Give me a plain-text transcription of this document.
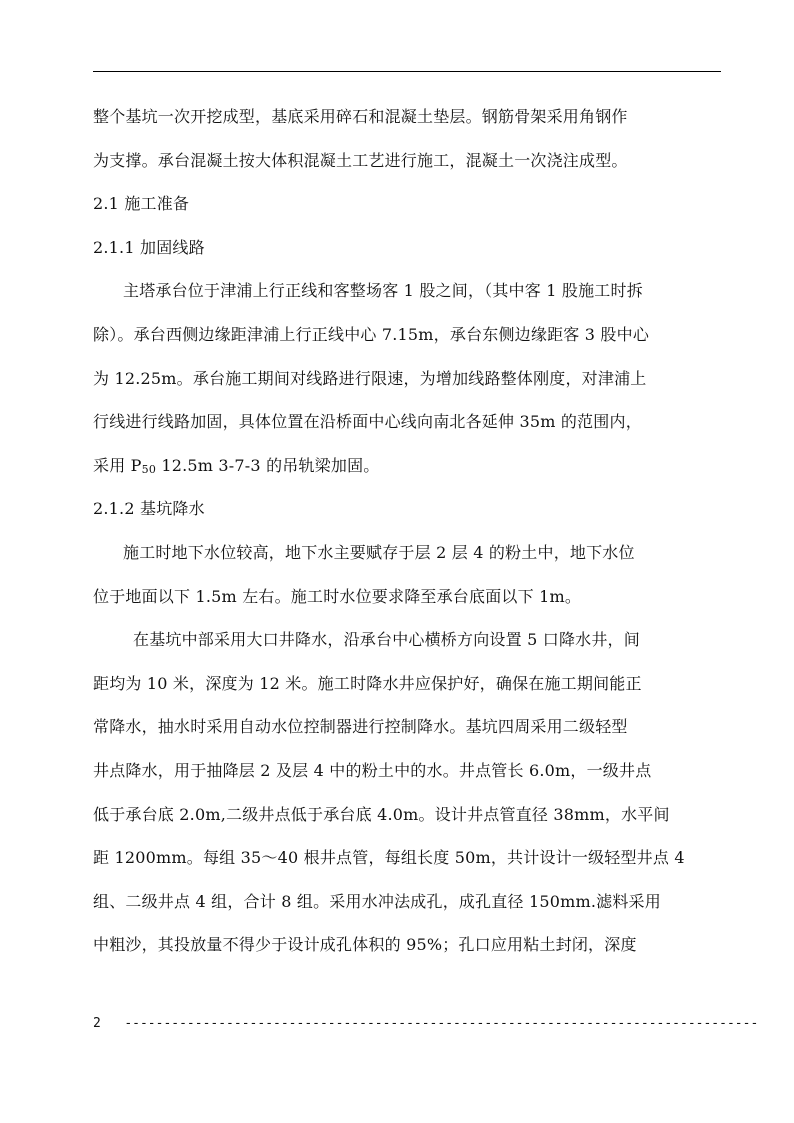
整个基坑一次开挖成型，基底采用碎石和混凝土垫层。钢筋骨架采用角钢作
为支撑。承台混凝土按大体积混凝土工艺进行施工，混凝土一次浇注成型。
2.1 施工准备
2.1.1 加固线路
主塔承台位于津浦上行正线和客整场客 1 股之间，（其中客 1 股施工时拆
除）。承台西侧边缘距津浦上行正线中心 7.15m，承台东侧边缘距客 3 股中心
为 12.25m。承台施工期间对线路进行限速，为增加线路整体刚度，对津浦上
行线进行线路加固，具体位置在沿桥面中心线向南北各延伸 35m 的范围内，
采用 $P_{50}$ 12.5m 3-7-3 的吊轨梁加固。
2.1.2 基坑降水
施工时地下水位较高，地下水主要赋存于层 2 层 4 的粉土中，地下水位
位于地面以下 1.5m 左右。施工时水位要求降至承台底面以下 1m。
在基坑中部采用大口井降水，沿承台中心横桥方向设置 5 口降水井，间
距均为 10 米，深度为 12 米。施工时降水井应保护好，确保在施工期间能正
常降水，抽水时采用自动水位控制器进行控制降水。基坑四周采用二级轻型
井点降水，用于抽降层 2 及层 4 中的粉土中的水。井点管长 6.0m，一级井点
低于承台底 2.0m,二级井点低于承台底 4.0m。设计井点管直径 38mm，水平间
距 1200mm。每组 35～40 根井点管，每组长度 50m，共计设计一级轻型井点 4
组、二级井点 4 组，合计 8 组。采用水冲法成孔，成孔直径 150mm.滤料采用
中粗沙，其投放量不得少于设计成孔体积的 95%；孔口应用粘土封闭，深度
2 ---------------------------------------------------------------------------------
